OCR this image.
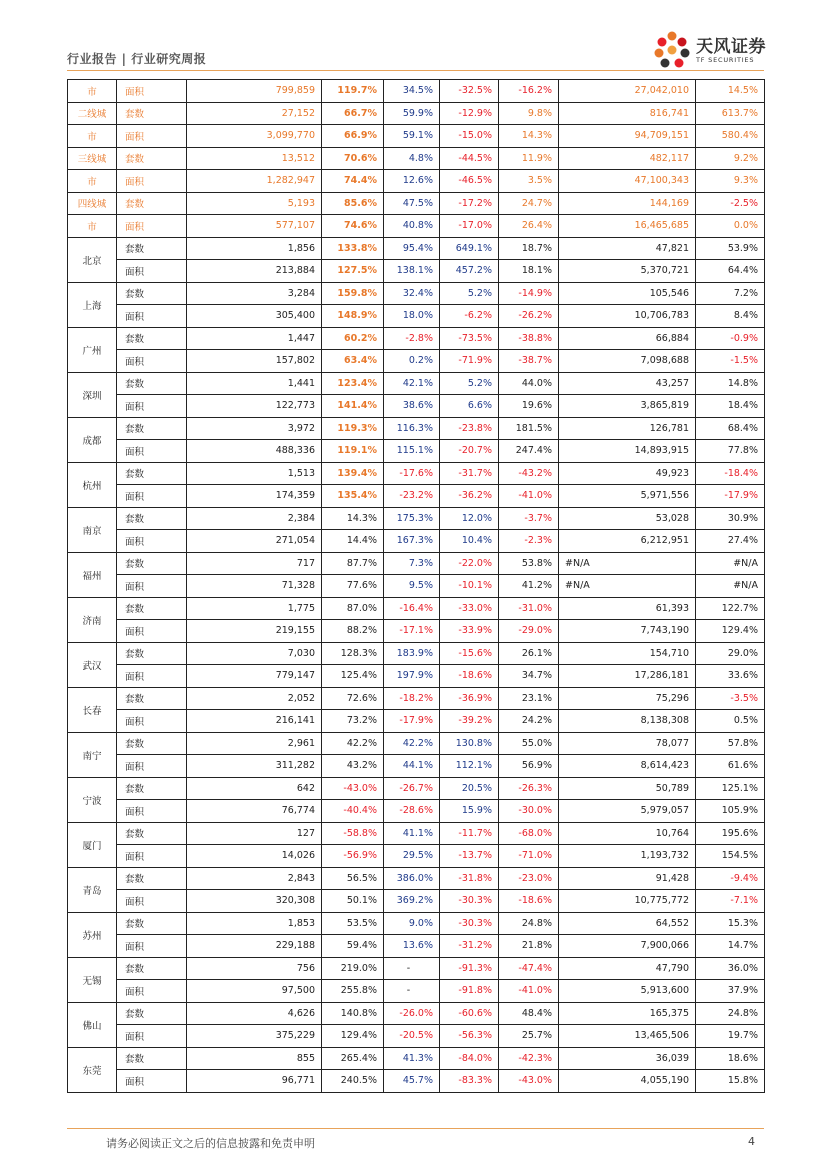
行业报告 | 行业研究周报
天风证券
TF SECURITIES
市	面积	799,859	119.7%	34.5%	-32.5%	-16.2%	27,042,010	14.5%
二线城	套数	27,152	66.7%	59.9%	-12.9%	9.8%	816,741	613.7%
市	面积	3,099,770	66.9%	59.1%	-15.0%	14.3%	94,709,151	580.4%
三线城	套数	13,512	70.6%	4.8%	-44.5%	11.9%	482,117	9.2%
市	面积	1,282,947	74.4%	12.6%	-46.5%	3.5%	47,100,343	9.3%
四线城	套数	5,193	85.6%	47.5%	-17.2%	24.7%	144,169	-2.5%
市	面积	577,107	74.6%	40.8%	-17.0%	26.4%	16,465,685	0.0%
北京	套数	1,856	133.8%	95.4%	649.1%	18.7%	47,821	53.9%
	面积	213,884	127.5%	138.1%	457.2%	18.1%	5,370,721	64.4%
上海	套数	3,284	159.8%	32.4%	5.2%	-14.9%	105,546	7.2%
	面积	305,400	148.9%	18.0%	-6.2%	-26.2%	10,706,783	8.4%
广州	套数	1,447	60.2%	-2.8%	-73.5%	-38.8%	66,884	-0.9%
	面积	157,802	63.4%	0.2%	-71.9%	-38.7%	7,098,688	-1.5%
深圳	套数	1,441	123.4%	42.1%	5.2%	44.0%	43,257	14.8%
	面积	122,773	141.4%	38.6%	6.6%	19.6%	3,865,819	18.4%
成都	套数	3,972	119.3%	116.3%	-23.8%	181.5%	126,781	68.4%
	面积	488,336	119.1%	115.1%	-20.7%	247.4%	14,893,915	77.8%
杭州	套数	1,513	139.4%	-17.6%	-31.7%	-43.2%	49,923	-18.4%
	面积	174,359	135.4%	-23.2%	-36.2%	-41.0%	5,971,556	-17.9%
南京	套数	2,384	14.3%	175.3%	12.0%	-3.7%	53,028	30.9%
	面积	271,054	14.4%	167.3%	10.4%	-2.3%	6,212,951	27.4%
福州	套数	717	87.7%	7.3%	-22.0%	53.8%	#N/A	#N/A
	面积	71,328	77.6%	9.5%	-10.1%	41.2%	#N/A	#N/A
济南	套数	1,775	87.0%	-16.4%	-33.0%	-31.0%	61,393	122.7%
	面积	219,155	88.2%	-17.1%	-33.9%	-29.0%	7,743,190	129.4%
武汉	套数	7,030	128.3%	183.9%	-15.6%	26.1%	154,710	29.0%
	面积	779,147	125.4%	197.9%	-18.6%	34.7%	17,286,181	33.6%
长春	套数	2,052	72.6%	-18.2%	-36.9%	23.1%	75,296	-3.5%
	面积	216,141	73.2%	-17.9%	-39.2%	24.2%	8,138,308	0.5%
南宁	套数	2,961	42.2%	42.2%	130.8%	55.0%	78,077	57.8%
	面积	311,282	43.2%	44.1%	112.1%	56.9%	8,614,423	61.6%
宁波	套数	642	-43.0%	-26.7%	20.5%	-26.3%	50,789	125.1%
	面积	76,774	-40.4%	-28.6%	15.9%	-30.0%	5,979,057	105.9%
厦门	套数	127	-58.8%	41.1%	-11.7%	-68.0%	10,764	195.6%
	面积	14,026	-56.9%	29.5%	-13.7%	-71.0%	1,193,732	154.5%
青岛	套数	2,843	56.5%	386.0%	-31.8%	-23.0%	91,428	-9.4%
	面积	320,308	50.1%	369.2%	-30.3%	-18.6%	10,775,772	-7.1%
苏州	套数	1,853	53.5%	9.0%	-30.3%	24.8%	64,552	15.3%
	面积	229,188	59.4%	13.6%	-31.2%	21.8%	7,900,066	14.7%
无锡	套数	756	219.0%	-	-91.3%	-47.4%	47,790	36.0%
	面积	97,500	255.8%	-	-91.8%	-41.0%	5,913,600	37.9%
佛山	套数	4,626	140.8%	-26.0%	-60.6%	48.4%	165,375	24.8%
	面积	375,229	129.4%	-20.5%	-56.3%	25.7%	13,465,506	19.7%
东莞	套数	855	265.4%	41.3%	-84.0%	-42.3%	36,039	18.6%
	面积	96,771	240.5%	45.7%	-83.3%	-43.0%	4,055,190	15.8%
请务必阅读正文之后的信息披露和免责申明	4
